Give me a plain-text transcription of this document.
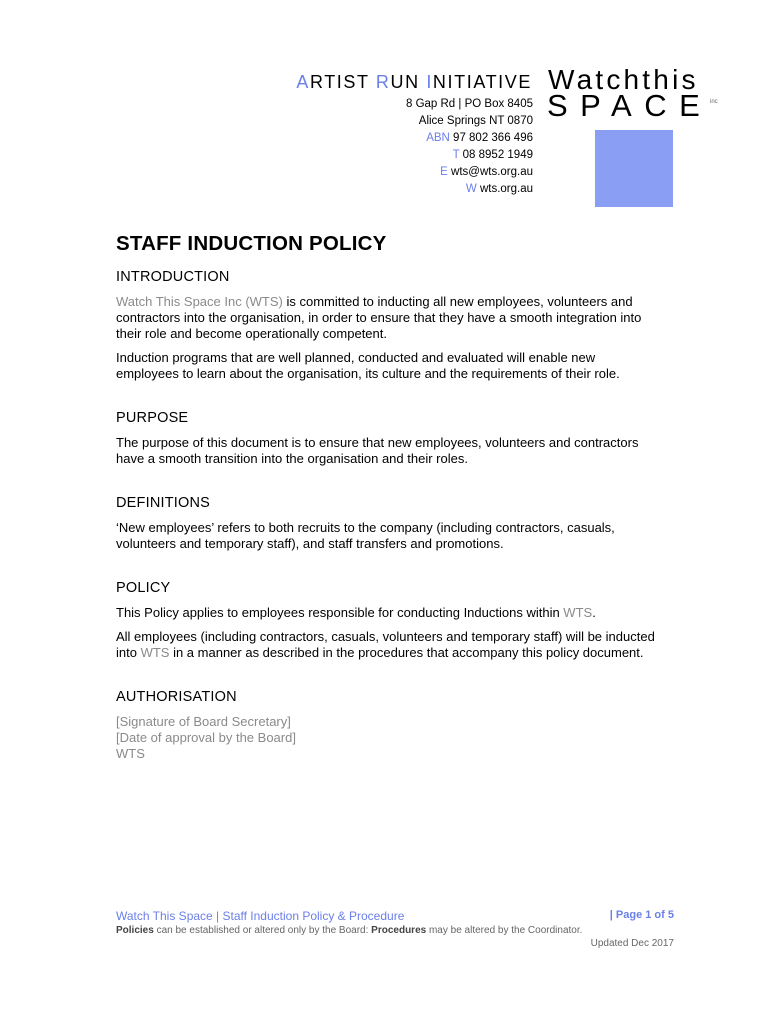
ARTIST RUN INITIATIVE
8 Gap Rd | PO Box 8405
Alice Springs NT 0870
ABN 97 802 366 496
T 08 8952 1949
E wts@wts.org.au
W wts.org.au
Watchthis
SPACE
inc
STAFF INDUCTION POLICY
INTRODUCTION

Watch This Space Inc (WTS) is committed to inducting all new employees, volunteers and contractors into the organisation, in order to ensure that they have a smooth integration into their role and become operationally competent.

Induction programs that are well planned, conducted and evaluated will enable new employees to learn about the organisation, its culture and the requirements of their role.

PURPOSE

The purpose of this document is to ensure that new employees, volunteers and contractors have a smooth transition into the organisation and their roles.

DEFINITIONS

‘New employees’ refers to both recruits to the company (including contractors, casuals, volunteers and temporary staff), and staff transfers and promotions.

POLICY

This Policy applies to employees responsible for conducting Inductions within WTS.

All employees (including contractors, casuals, volunteers and temporary staff) will be inducted into WTS in a manner as described in the procedures that accompany this policy document.

AUTHORISATION
[Signature of Board Secretary]
[Date of approval by the Board]
WTS
Watch This Space | Staff Induction Policy & Procedure	| Page 1 of 5
Policies can be established or altered only by the Board: Procedures may be altered by the Coordinator.
Updated Dec 2017
